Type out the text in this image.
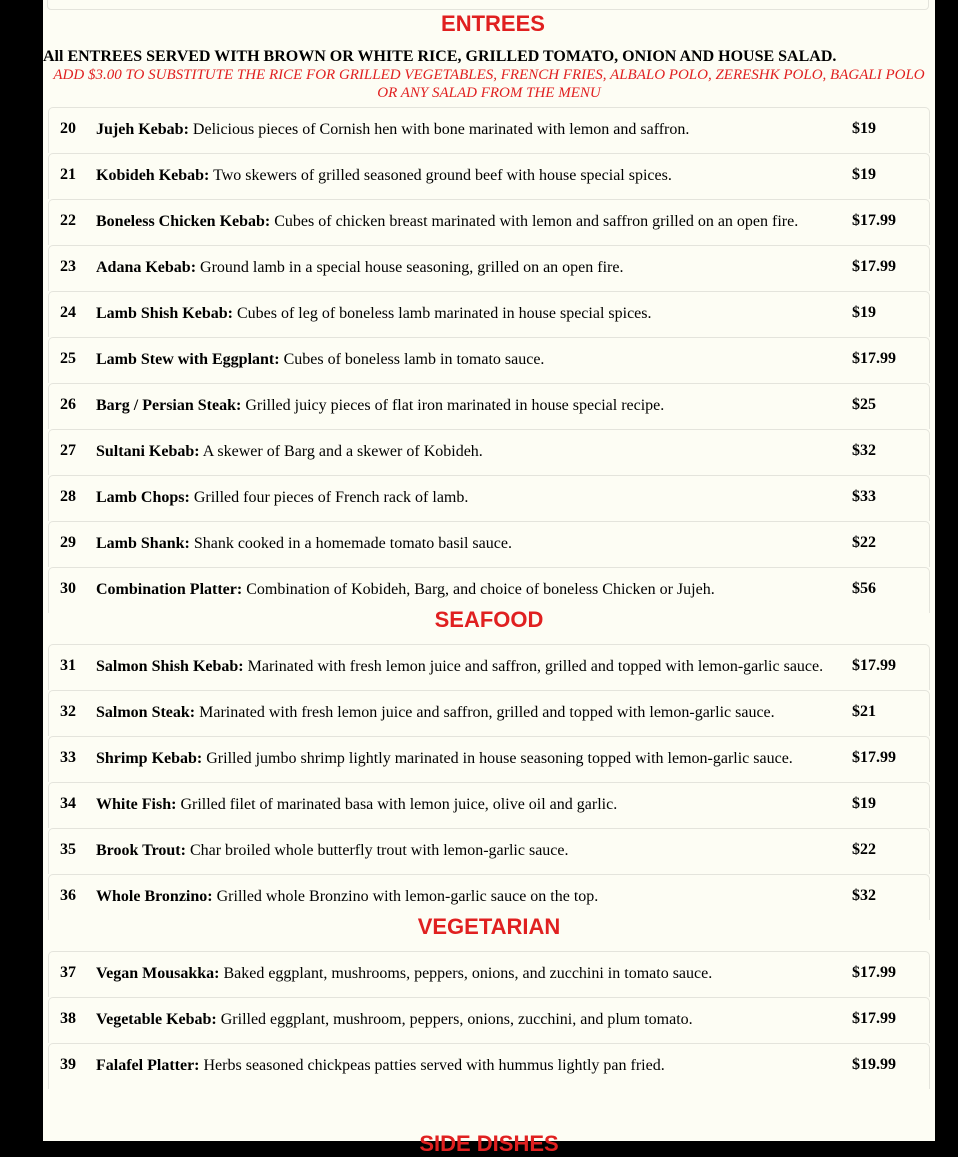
ENTREES

All ENTREES SERVED WITH BROWN OR WHITE RICE, GRILLED TOMATO, ONION AND HOUSE SALAD.

ADD $3.00 TO SUBSTITUTE THE RICE FOR GRILLED VEGETABLES, FRENCH FRIES, ALBALO POLO, ZERESHK POLO, BAGALI POLO OR ANY SALAD FROM THE MENU

20 Jujeh Kebab: Delicious pieces of Cornish hen with bone marinated with lemon and saffron.	$19
21 Kobideh Kebab: Two skewers of grilled seasoned ground beef with house special spices.	$19
22 Boneless Chicken Kebab: Cubes of chicken breast marinated with lemon and saffron grilled on an open fire.	$17.99
23 Adana Kebab: Ground lamb in a special house seasoning, grilled on an open fire.	$17.99
24 Lamb Shish Kebab: Cubes of leg of boneless lamb marinated in house special spices.	$19
25 Lamb Stew with Eggplant: Cubes of boneless lamb in tomato sauce.	$17.99
26 Barg / Persian Steak: Grilled juicy pieces of flat iron marinated in house special recipe.	$25
27 Sultani Kebab: A skewer of Barg and a skewer of Kobideh.	$32
28 Lamb Chops: Grilled four pieces of French rack of lamb.	$33
29 Lamb Shank: Shank cooked in a homemade tomato basil sauce.	$22
30 Combination Platter: Combination of Kobideh, Barg, and choice of boneless Chicken or Jujeh.	$56
SEAFOOD
31 Salmon Shish Kebab: Marinated with fresh lemon juice and saffron, grilled and topped with lemon-garlic sauce.	$17.99
32 Salmon Steak: Marinated with fresh lemon juice and saffron, grilled and topped with lemon-garlic sauce.	$21
33 Shrimp Kebab: Grilled jumbo shrimp lightly marinated in house seasoning topped with lemon-garlic sauce.	$17.99
34 White Fish: Grilled filet of marinated basa with lemon juice, olive oil and garlic.	$19
35 Brook Trout: Char broiled whole butterfly trout with lemon-garlic sauce.	$22
36 Whole Bronzino: Grilled whole Bronzino with lemon-garlic sauce on the top.	$32
VEGETARIAN
37 Vegan Mousakka: Baked eggplant, mushrooms, peppers, onions, and zucchini in tomato sauce.	$17.99
38 Vegetable Kebab: Grilled eggplant, mushroom, peppers, onions, zucchini, and plum tomato.	$17.99
39 Falafel Platter: Herbs seasoned chickpeas patties served with hummus lightly pan fried.	$19.99
SIDE DISHES
